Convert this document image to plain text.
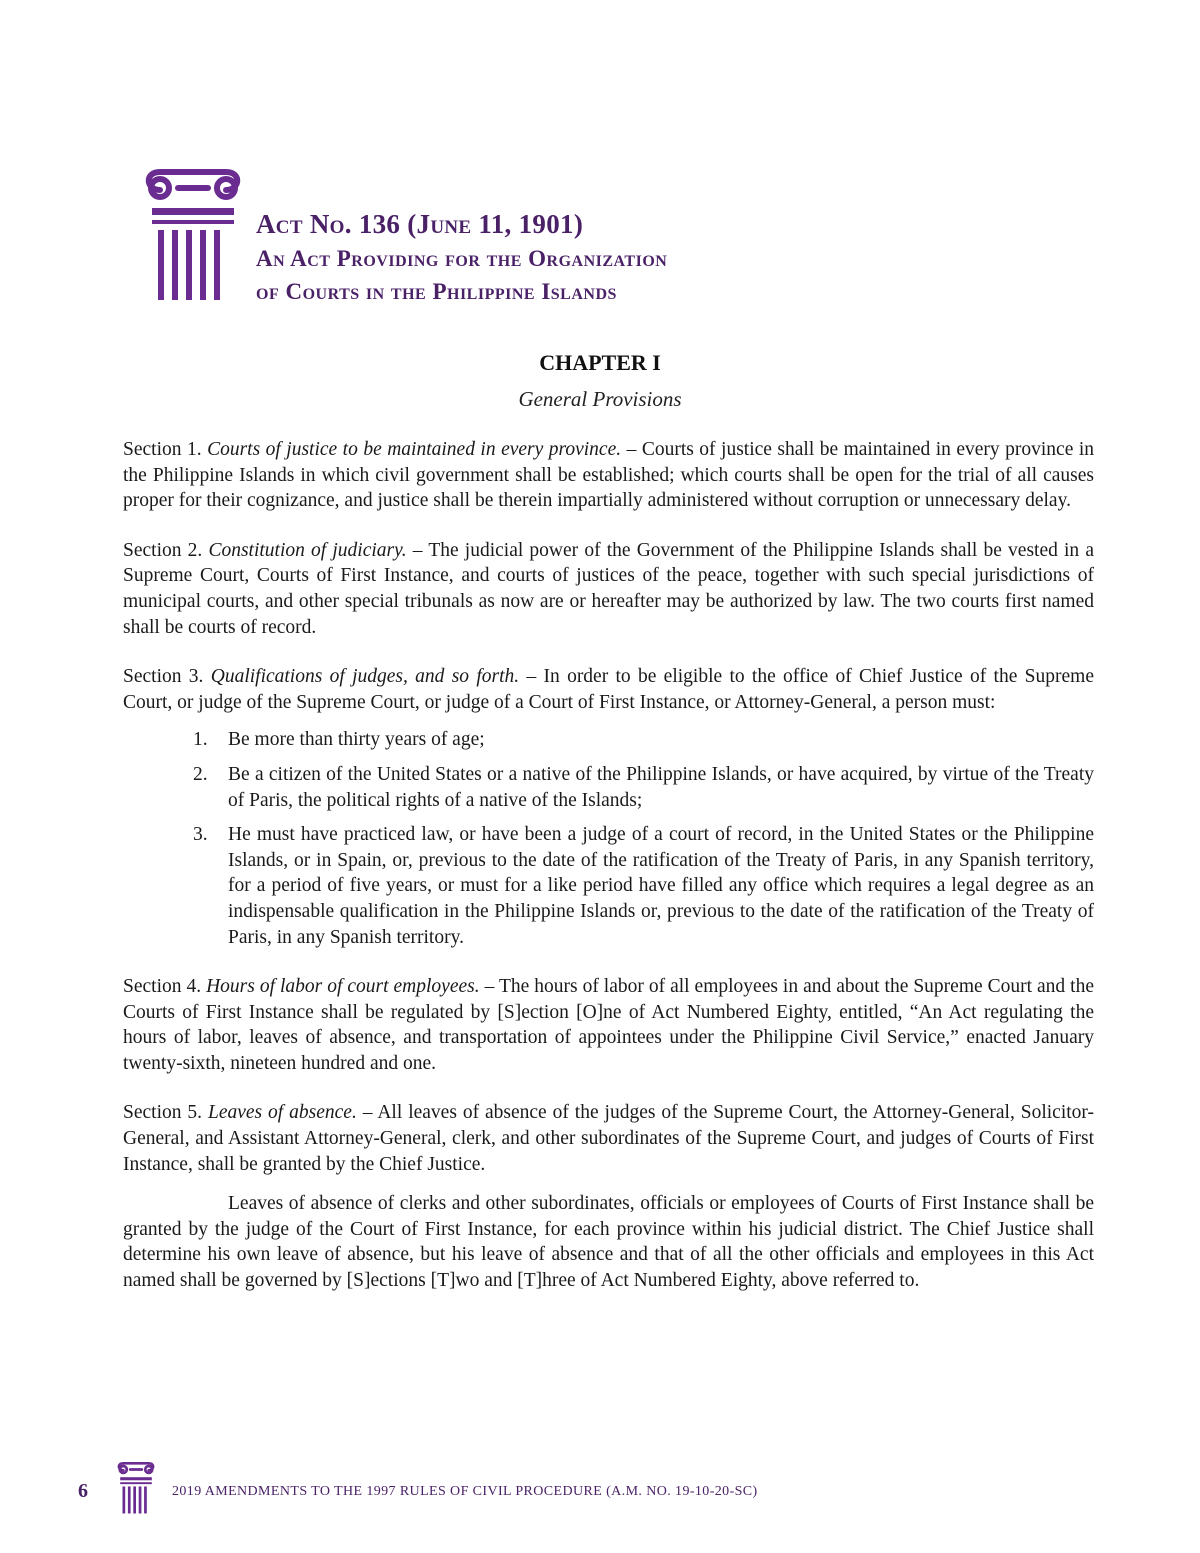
Act No. 136 (June 11, 1901)
An Act Providing for the Organization
of Courts in the Philippine Islands
CHAPTER I
General Provisions

Section 1. Courts of justice to be maintained in every province. – Courts of justice shall be maintained in every province in the Philippine Islands in which civil government shall be established; which courts shall be open for the trial of all causes proper for their cognizance, and justice shall be therein impartially administered without corruption or unnecessary delay.

Section 2. Constitution of judiciary. – The judicial power of the Government of the Philippine Islands shall be vested in a Supreme Court, Courts of First Instance, and courts of justices of the peace, together with such special jurisdictions of municipal courts, and other special tribunals as now are or hereafter may be authorized by law. The two courts first named shall be courts of record.

Section 3. Qualifications of judges, and so forth. – In order to be eligible to the office of Chief Justice of the Supreme Court, or judge of the Supreme Court, or judge of a Court of First Instance, or Attorney-General, a person must:

1. Be more than thirty years of age;
2. Be a citizen of the United States or a native of the Philippine Islands, or have acquired, by virtue of the Treaty of Paris, the political rights of a native of the Islands;
3. He must have practiced law, or have been a judge of a court of record, in the United States or the Philippine Islands, or in Spain, or, previous to the date of the ratification of the Treaty of Paris, in any Spanish territory, for a period of five years, or must for a like period have filled any office which requires a legal degree as an indispensable qualification in the Philippine Islands or, previous to the date of the ratification of the Treaty of Paris, in any Spanish territory.

Section 4. Hours of labor of court employees. – The hours of labor of all employees in and about the Supreme Court and the Courts of First Instance shall be regulated by [S]ection [O]ne of Act Numbered Eighty, entitled, “An Act regulating the hours of labor, leaves of absence, and transportation of appointees under the Philippine Civil Service,” enacted January twenty-sixth, nineteen hundred and one.

Section 5. Leaves of absence. – All leaves of absence of the judges of the Supreme Court, the Attorney-General, Solicitor-General, and Assistant Attorney-General, clerk, and other subordinates of the Supreme Court, and judges of Courts of First Instance, shall be granted by the Chief Justice.

Leaves of absence of clerks and other subordinates, officials or employees of Courts of First Instance shall be granted by the judge of the Court of First Instance, for each province within his judicial district. The Chief Justice shall determine his own leave of absence, but his leave of absence and that of all the other officials and employees in this Act named shall be governed by [S]ections [T]wo and [T]hree of Act Numbered Eighty, above referred to.

6	2019 AMENDMENTS TO THE 1997 RULES OF CIVIL PROCEDURE (A.M. NO. 19-10-20-SC)
